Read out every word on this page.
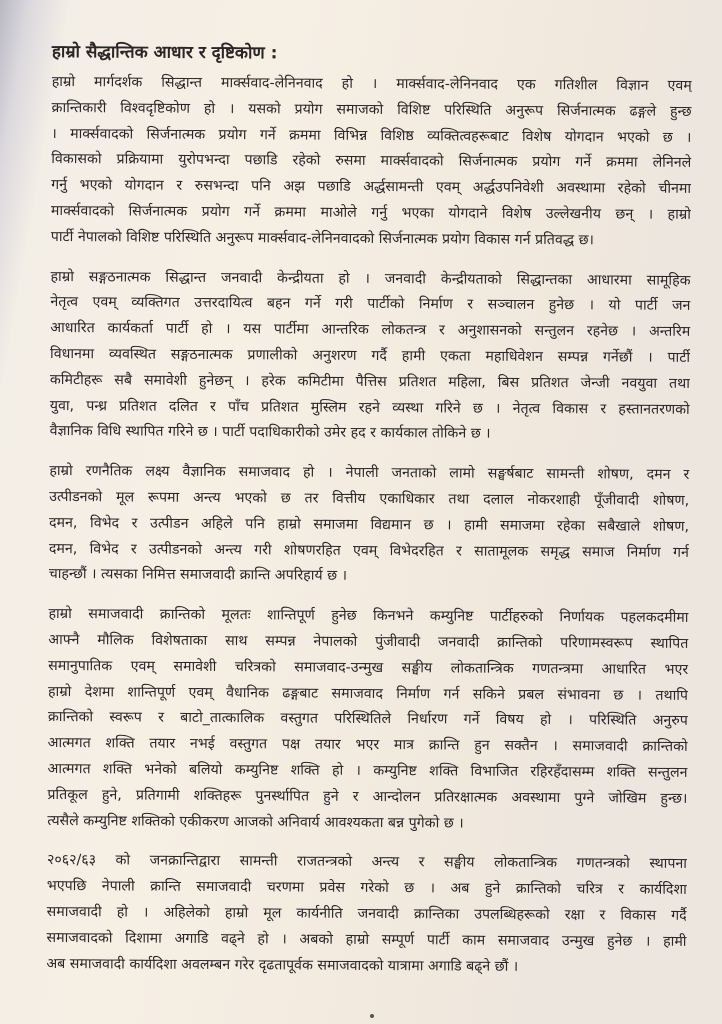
हाम्रो सैद्धान्तिक आधार र दृष्टिकोण :
हाम्रो मार्गदर्शक सिद्धान्त मार्क्सवाद-लेनिनवाद हो । मार्क्सवाद-लेनिनवाद एक गतिशील विज्ञान एवम्
क्रान्तिकारी विश्वदृष्टिकोण हो । यसको प्रयोग समाजको विशिष्ट परिस्थिति अनुरूप सिर्जनात्मक ढङ्गले हुन्छ
। मार्क्सवादको सिर्जनात्मक प्रयोग गर्ने क्रममा विभिन्न विशिष्ठ व्यक्तित्वहरूबाट विशेष योगदान भएको छ ।
विकासको प्रक्रियामा युरोपभन्दा पछाडि रहेको रुसमा मार्क्सवादको सिर्जनात्मक प्रयोग गर्ने क्रममा लेनिनले
गर्नु भएको योगदान र रुसभन्दा पनि अझ पछाडि अर्द्धसामन्ती एवम् अर्द्धउपनिवेशी अवस्थामा रहेको चीनमा
मार्क्सवादको सिर्जनात्मक प्रयोग गर्ने क्रममा माओले गर्नु भएका योगदाने विशेष उल्लेखनीय छन् । हाम्रो
पार्टी नेपालको विशिष्ट परिस्थिति अनुरूप मार्क्सवाद-लेनिनवादको सिर्जनात्मक प्रयोग विकास गर्न प्रतिवद्ध छ।
हाम्रो सङ्गठनात्मक सिद्धान्त जनवादी केन्द्रीयता हो । जनवादी केन्द्रीयताको सिद्धान्तका आधारमा सामूहिक
नेतृत्व एवम् व्यक्तिगत उत्तरदायित्व बहन गर्ने गरी पार्टीको निर्माण र सञ्चालन हुनेछ । यो पार्टी जन
आधारित कार्यकर्ता पार्टी हो । यस पार्टीमा आन्तरिक लोकतन्त्र र अनुशासनको सन्तुलन रहनेछ । अन्तरिम
विधानमा व्यवस्थित सङ्गठनात्मक प्रणालीको अनुशरण गर्दै हामी एकता महाधिवेशन सम्पन्न गर्नेछौं । पार्टी
कमिटीहरू सबै समावेशी हुनेछन् । हरेक कमिटीमा पैत्तिस प्रतिशत महिला, बिस प्रतिशत जेन्जी नवयुवा तथा
युवा, पन्ध्र प्रतिशत दलित र पाँच प्रतिशत मुस्लिम रहने व्यस्था गरिने छ । नेतृत्व विकास र हस्तानतरणको
वैज्ञानिक विधि स्थापित गरिने छ । पार्टी पदाधिकारीको उमेर हद र कार्यकाल तोकिने छ ।
हाम्रो रणनैतिक लक्ष्य वैज्ञानिक समाजवाद हो । नेपाली जनताको लामो सङ्घर्षबाट सामन्ती शोषण, दमन र
उत्पीडनको मूल रूपमा अन्त्य भएको छ तर वित्तीय एकाधिकार तथा दलाल नोकरशाही पूँजीवादी शोषण,
दमन, विभेद र उत्पीडन अहिले पनि हाम्रो समाजमा विद्यमान छ । हामी समाजमा रहेका सबैखाले शोषण,
दमन, विभेद र उत्पीडनको अन्त्य गरी शोषणरहित एवम् विभेदरहित र सातामूलक समृद्ध समाज निर्माण गर्न
चाहन्छौं । त्यसका निमित्त समाजवादी क्रान्ति अपरिहार्य छ ।
हाम्रो समाजवादी क्रान्तिको मूलतः शान्तिपूर्ण हुनेछ किनभने कम्युनिष्ट पार्टीहरुको निर्णायक पहलकदमीमा
आफ्नै मौलिक विशेषताका साथ सम्पन्न नेपालको पुंजीवादी जनवादी क्रान्तिको परिणामस्वरूप स्थापित
समानुपातिक एवम् समावेशी चरित्रको समाजवाद-उन्मुख सङ्घीय लोकतान्त्रिक गणतन्त्रमा आधारित भएर
हाम्रो देशमा शान्तिपूर्ण एवम् वैधानिक ढङ्गबाट समाजवाद निर्माण गर्न सकिने प्रबल संभावना छ । तथापि
क्रान्तिको स्वरूप र बाटो_तात्कालिक वस्तुगत परिस्थितिले निर्धारण गर्ने विषय हो । परिस्थिति अनुरुप
आत्मगत शक्ति तयार नभई वस्तुगत पक्ष तयार भएर मात्र क्रान्ति हुन सक्तैन । समाजवादी क्रान्तिको
आत्मगत शक्ति भनेको बलियो कम्युनिष्ट शक्ति हो । कम्युनिष्ट शक्ति विभाजित रहिरहँदासम्म शक्ति सन्तुलन
प्रतिकूल हुने, प्रतिगामी शक्तिहरू पुनर्स्थापित हुने र आन्दोलन प्रतिरक्षात्मक अवस्थामा पुग्ने जोखिम हुन्छ।
त्यसैले कम्युनिष्ट शक्तिको एकीकरण आजको अनिवार्य आवश्यकता बन्न पुगेको छ ।
२०६२/६३ को जनक्रान्तिद्वारा सामन्ती राजतन्त्रको अन्त्य र सङ्घीय लोकतान्त्रिक गणतन्त्रको स्थापना
भएपछि नेपाली क्रान्ति समाजवादी चरणमा प्रवेस गरेको छ । अब हुने क्रान्तिको चरित्र र कार्यदिशा
समाजवादी हो । अहिलेको हाम्रो मूल कार्यनीति जनवादी क्रान्तिका उपलब्धिहरूको रक्षा र विकास गर्दै
समाजवादको दिशामा अगाडि वढ्ने हो । अबको हाम्रो सम्पूर्ण पार्टी काम समाजवाद उन्मुख हुनेछ । हामी
अब समाजवादी कार्यदिशा अवलम्बन गरेर दृढतापूर्वक समाजवादको यात्रामा अगाडि बढ्ने छौं ।
